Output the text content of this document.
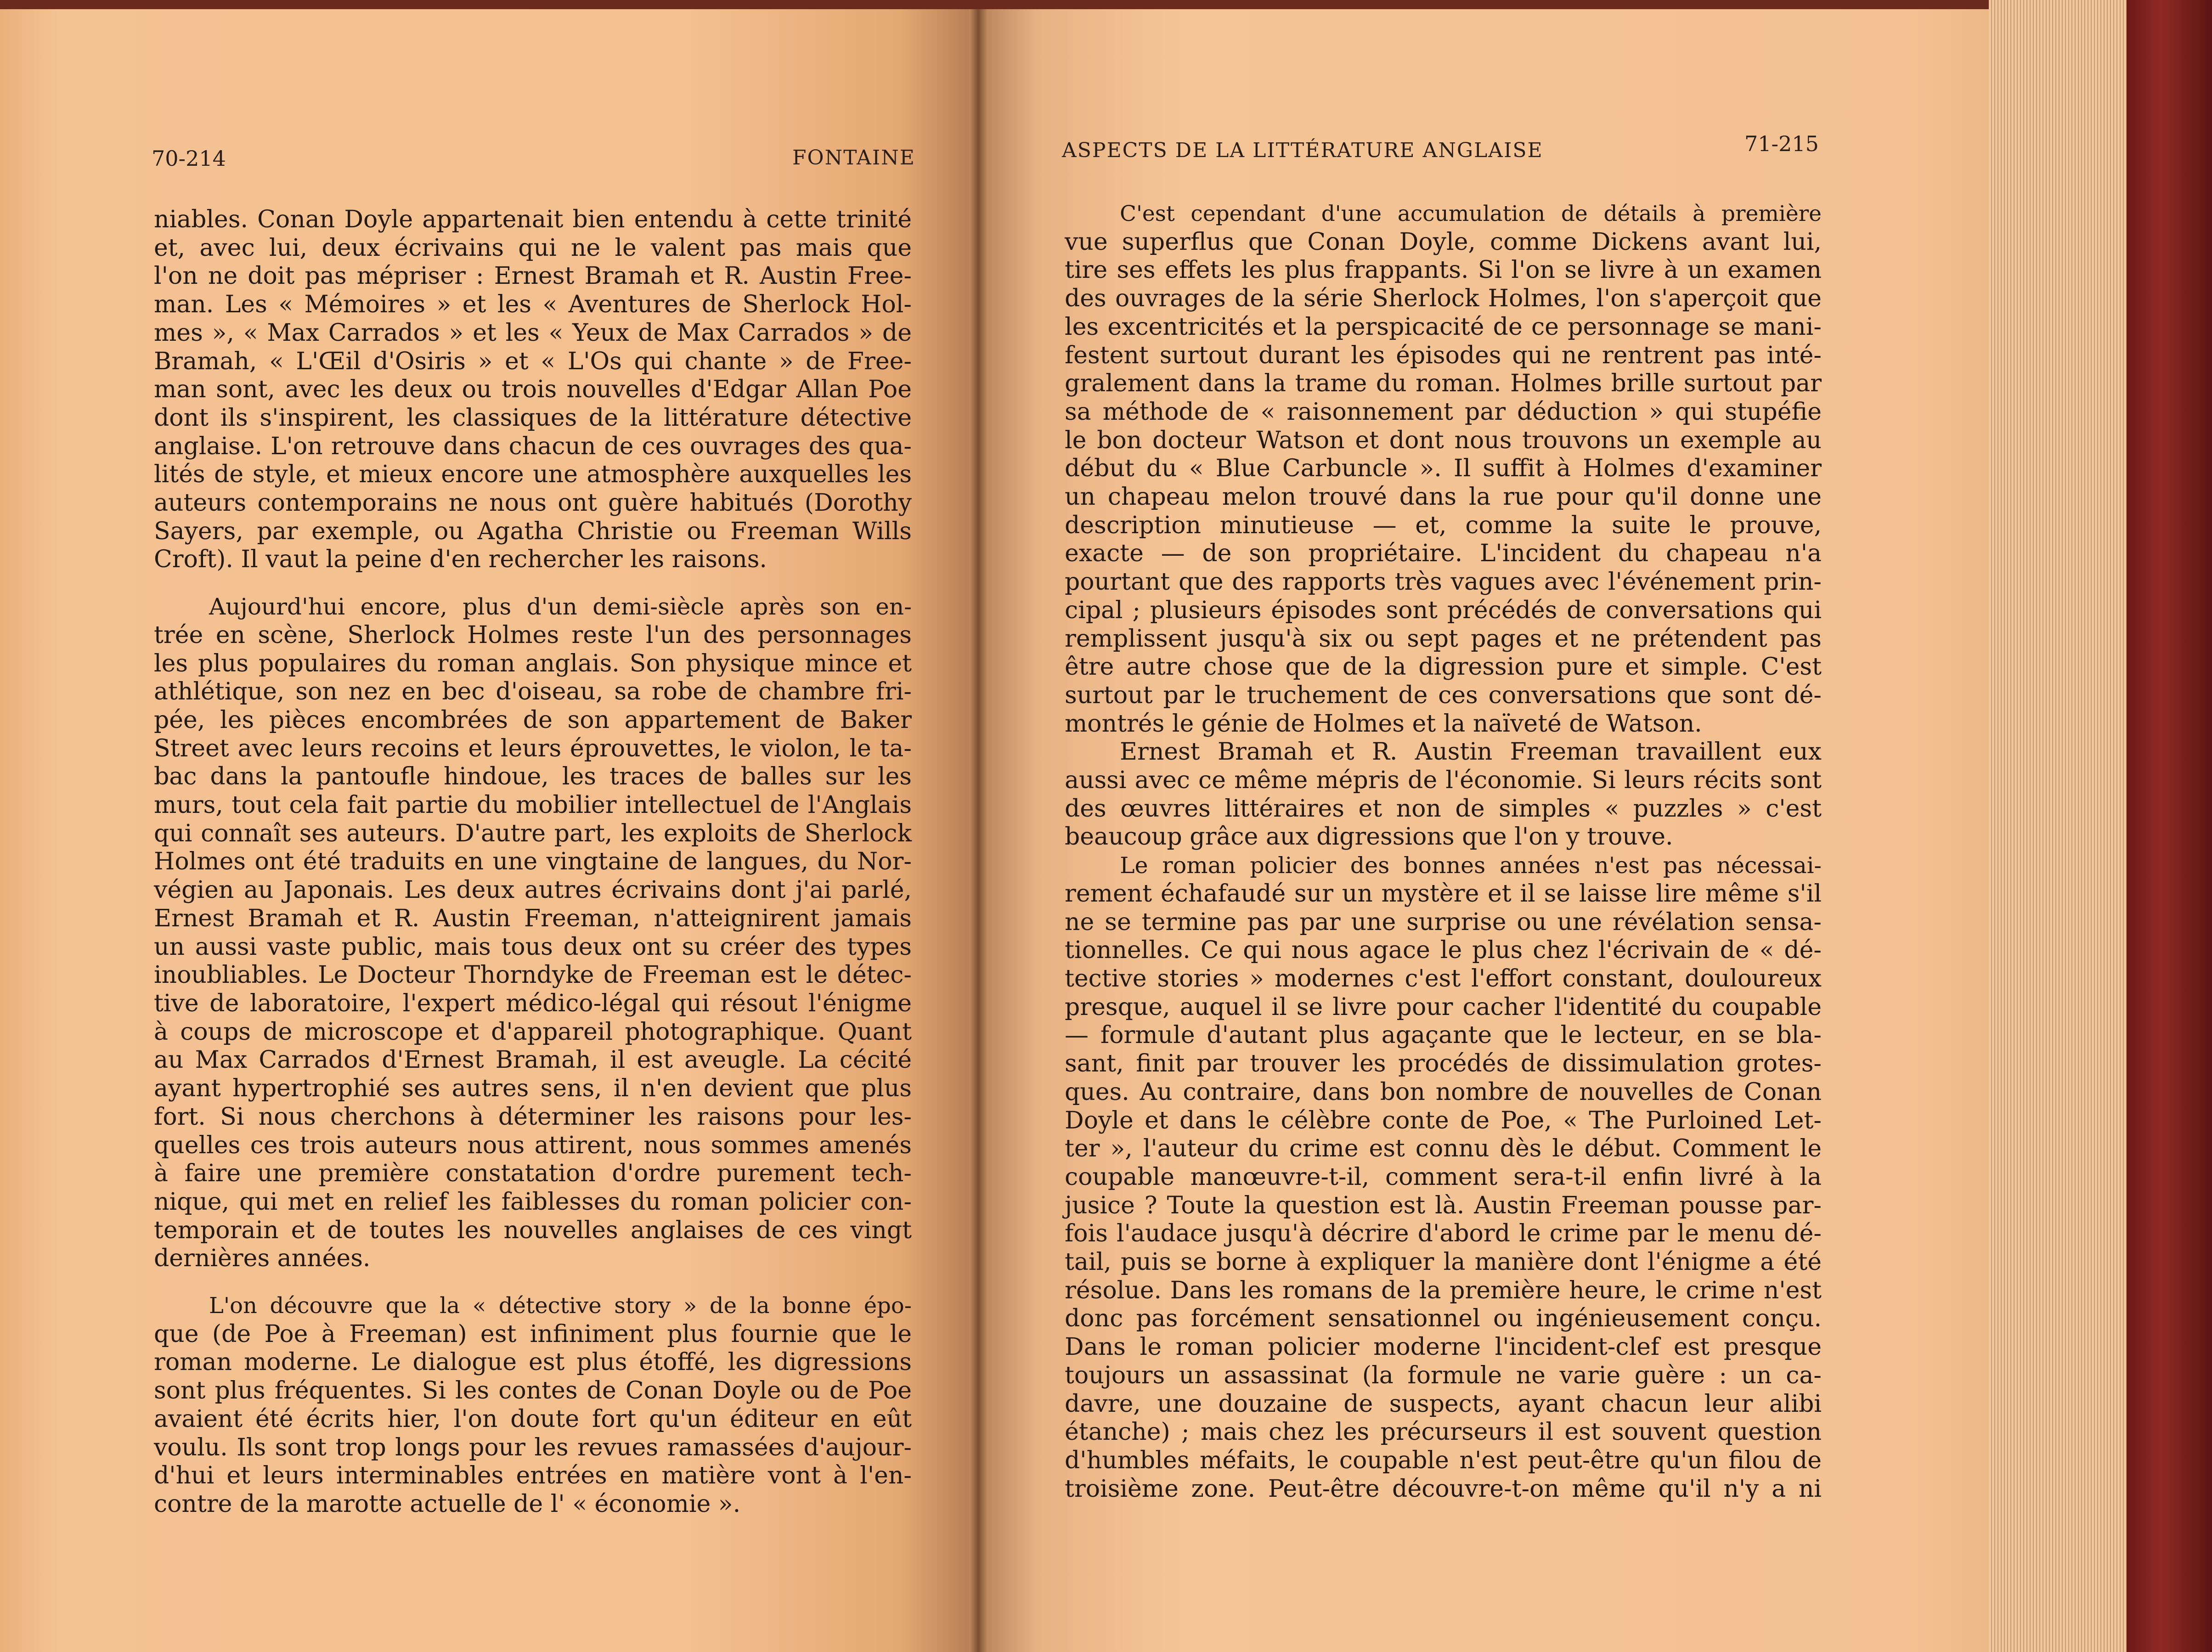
70-214	FONTAINE

niables. Conan Doyle appartenait bien entendu à cette trinité

et, avec lui, deux écrivains qui ne le valent pas mais que

l'on ne doit pas mépriser : Ernest Bramah et R. Austin Free-

man. Les « Mémoires » et les « Aventures de Sherlock Hol-

mes », « Max Carrados » et les « Yeux de Max Carrados » de

Bramah, « L'Œil d'Osiris » et « L'Os qui chante » de Free-

man sont, avec les deux ou trois nouvelles d'Edgar Allan Poe

dont ils s'inspirent, les classiques de la littérature détective

anglaise. L'on retrouve dans chacun de ces ouvrages des qua-

lités de style, et mieux encore une atmosphère auxquelles les

auteurs contemporains ne nous ont guère habitués (Dorothy

Sayers, par exemple, ou Agatha Christie ou Freeman Wills

Croft). Il vaut la peine d'en rechercher les raisons.

Aujourd'hui encore, plus d'un demi-siècle après son en-

trée en scène, Sherlock Holmes reste l'un des personnages

les plus populaires du roman anglais. Son physique mince et

athlétique, son nez en bec d'oiseau, sa robe de chambre fri-

pée, les pièces encombrées de son appartement de Baker

Street avec leurs recoins et leurs éprouvettes, le violon, le ta-

bac dans la pantoufle hindoue, les traces de balles sur les

murs, tout cela fait partie du mobilier intellectuel de l'Anglais

qui connaît ses auteurs. D'autre part, les exploits de Sherlock

Holmes ont été traduits en une vingtaine de langues, du Nor-

végien au Japonais. Les deux autres écrivains dont j'ai parlé,

Ernest Bramah et R. Austin Freeman, n'atteignirent jamais

un aussi vaste public, mais tous deux ont su créer des types

inoubliables. Le Docteur Thorndyke de Freeman est le détec-

tive de laboratoire, l'expert médico-légal qui résout l'énigme

à coups de microscope et d'appareil photographique. Quant

au Max Carrados d'Ernest Bramah, il est aveugle. La cécité

ayant hypertrophié ses autres sens, il n'en devient que plus

fort. Si nous cherchons à déterminer les raisons pour les-

quelles ces trois auteurs nous attirent, nous sommes amenés

à faire une première constatation d'ordre purement tech-

nique, qui met en relief les faiblesses du roman policier con-

temporain et de toutes les nouvelles anglaises de ces vingt

dernières années.

L'on découvre que la « détective story » de la bonne épo-

que (de Poe à Freeman) est infiniment plus fournie que le

roman moderne. Le dialogue est plus étoffé, les digressions

sont plus fréquentes. Si les contes de Conan Doyle ou de Poe

avaient été écrits hier, l'on doute fort qu'un éditeur en eût

voulu. Ils sont trop longs pour les revues ramassées d'aujour-

d'hui et leurs interminables entrées en matière vont à l'en-

contre de la marotte actuelle de l' « économie ».

ASPECTS DE LA LITTÉRATURE ANGLAISE	71-215

C'est cependant d'une accumulation de détails à première

vue superflus que Conan Doyle, comme Dickens avant lui,

tire ses effets les plus frappants. Si l'on se livre à un examen

des ouvrages de la série Sherlock Holmes, l'on s'aperçoit que

les excentricités et la perspicacité de ce personnage se mani-

festent surtout durant les épisodes qui ne rentrent pas inté-

gralement dans la trame du roman. Holmes brille surtout par

sa méthode de « raisonnement par déduction » qui stupéfie

le bon docteur Watson et dont nous trouvons un exemple au

début du « Blue Carbuncle ». Il suffit à Holmes d'examiner

un chapeau melon trouvé dans la rue pour qu'il donne une

description minutieuse — et, comme la suite le prouve,

exacte — de son propriétaire. L'incident du chapeau n'a

pourtant que des rapports très vagues avec l'événement prin-

cipal ; plusieurs épisodes sont précédés de conversations qui

remplissent jusqu'à six ou sept pages et ne prétendent pas

être autre chose que de la digression pure et simple. C'est

surtout par le truchement de ces conversations que sont dé-

montrés le génie de Holmes et la naïveté de Watson.

Ernest Bramah et R. Austin Freeman travaillent eux

aussi avec ce même mépris de l'économie. Si leurs récits sont

des œuvres littéraires et non de simples « puzzles » c'est

beaucoup grâce aux digressions que l'on y trouve.

Le roman policier des bonnes années n'est pas nécessai-

rement échafaudé sur un mystère et il se laisse lire même s'il

ne se termine pas par une surprise ou une révélation sensa-

tionnelles. Ce qui nous agace le plus chez l'écrivain de « dé-

tective stories » modernes c'est l'effort constant, douloureux

presque, auquel il se livre pour cacher l'identité du coupable

— formule d'autant plus agaçante que le lecteur, en se bla-

sant, finit par trouver les procédés de dissimulation grotes-

ques. Au contraire, dans bon nombre de nouvelles de Conan

Doyle et dans le célèbre conte de Poe, « The Purloined Let-

ter », l'auteur du crime est connu dès le début. Comment le

coupable manœuvre-t-il, comment sera-t-il enfin livré à la

jusice ? Toute la question est là. Austin Freeman pousse par-

fois l'audace jusqu'à décrire d'abord le crime par le menu dé-

tail, puis se borne à expliquer la manière dont l'énigme a été

résolue. Dans les romans de la première heure, le crime n'est

donc pas forcément sensationnel ou ingénieusement conçu.

Dans le roman policier moderne l'incident-clef est presque

toujours un assassinat (la formule ne varie guère : un ca-

davre, une douzaine de suspects, ayant chacun leur alibi

étanche) ; mais chez les précurseurs il est souvent question

d'humbles méfaits, le coupable n'est peut-être qu'un filou de

troisième zone. Peut-être découvre-t-on même qu'il n'y a ni
